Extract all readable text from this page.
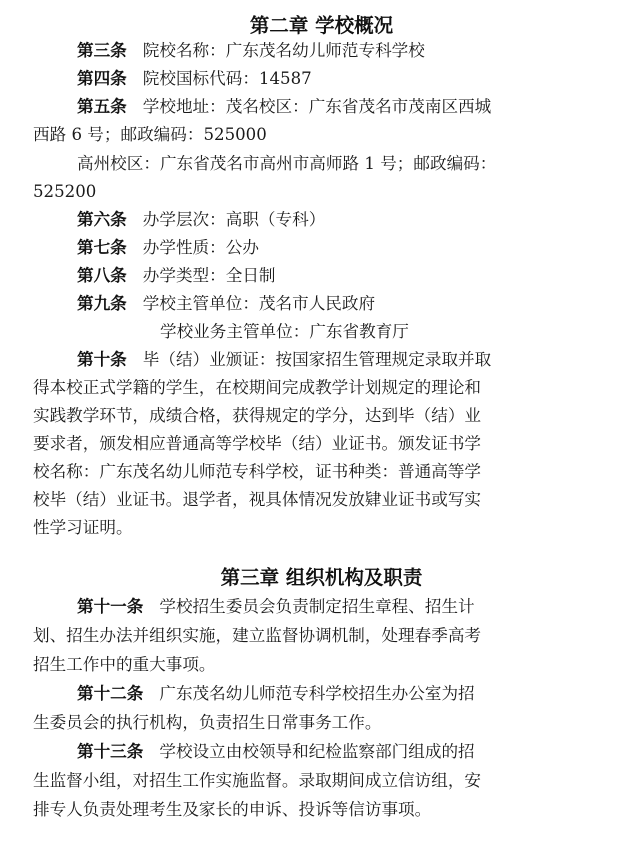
第二章 学校概况
第三条 院校名称：广东茂名幼儿师范专科学校
第四条 院校国标代码：14587
第五条 学校地址：茂名校区：广东省茂名市茂南区西城
西路 6 号；邮政编码：525000
高州校区：广东省茂名市高州市高师路 1 号；邮政编码：
525200
第六条 办学层次：高职（专科）
第七条 办学性质：公办
第八条 办学类型：全日制
第九条 学校主管单位：茂名市人民政府
学校业务主管单位：广东省教育厅
第十条 毕（结）业颁证：按国家招生管理规定录取并取
得本校正式学籍的学生，在校期间完成教学计划规定的理论和
实践教学环节，成绩合格，获得规定的学分，达到毕（结）业
要求者，颁发相应普通高等学校毕（结）业证书。颁发证书学
校名称：广东茂名幼儿师范专科学校，证书种类：普通高等学
校毕（结）业证书。退学者，视具体情况发放肄业证书或写实
性学习证明。
第三章 组织机构及职责
第十一条 学校招生委员会负责制定招生章程、招生计
划、招生办法并组织实施，建立监督协调机制，处理春季高考
招生工作中的重大事项。
第十二条 广东茂名幼儿师范专科学校招生办公室为招
生委员会的执行机构，负责招生日常事务工作。
第十三条 学校设立由校领导和纪检监察部门组成的招
生监督小组，对招生工作实施监督。录取期间成立信访组，安
排专人负责处理考生及家长的申诉、投诉等信访事项。
